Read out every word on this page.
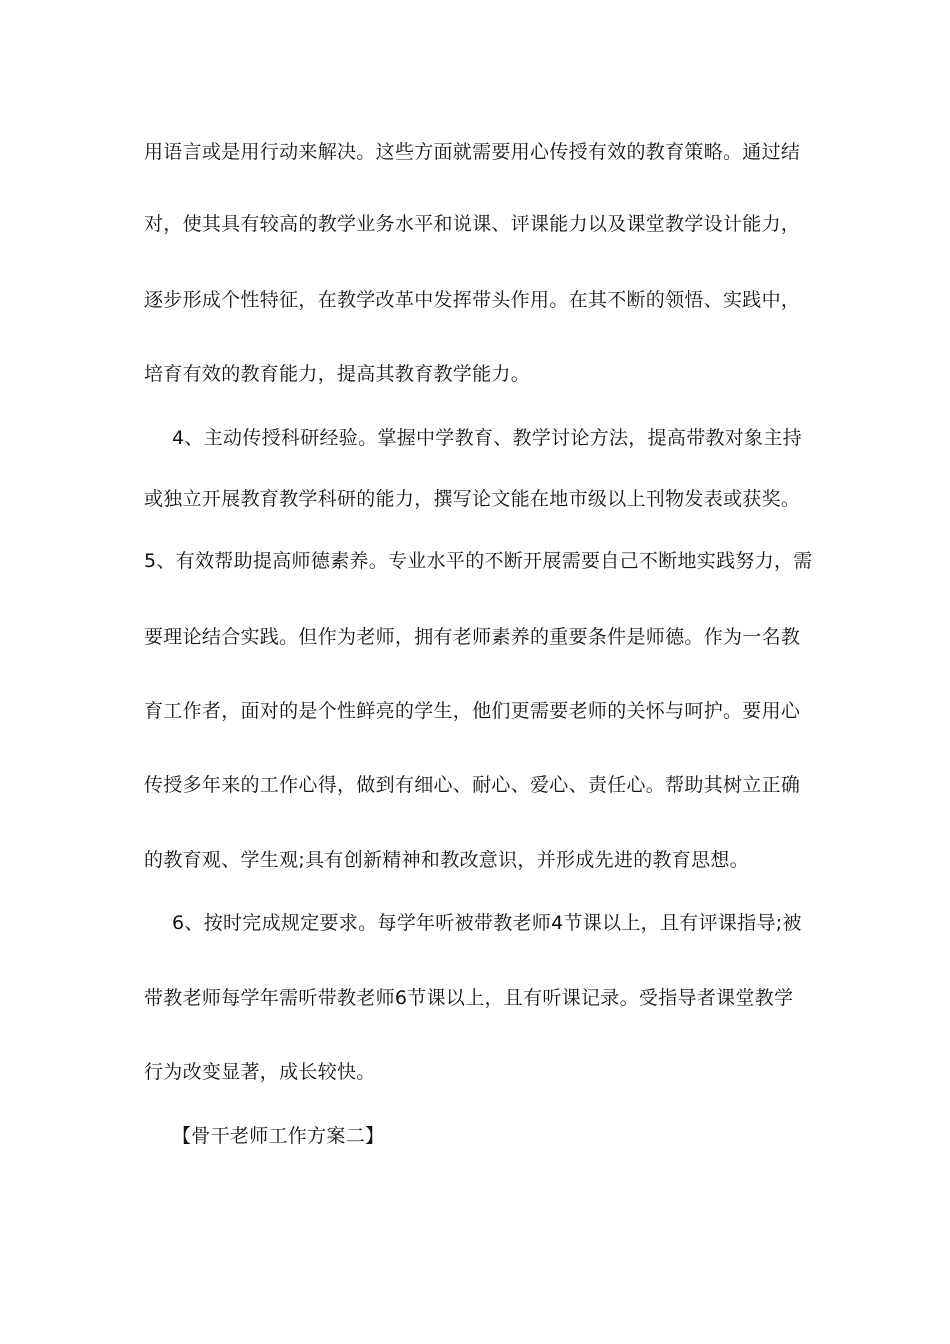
用语言或是用行动来解决。这些方面就需要用心传授有效的教育策略。通过结
对，使其具有较高的教学业务水平和说课、评课能力以及课堂教学设计能力，
逐步形成个性特征，在教学改革中发挥带头作用。在其不断的领悟、实践中，
培育有效的教育能力，提高其教育教学能力。
4、主动传授科研经验。掌握中学教育、教学讨论方法，提高带教对象主持
或独立开展教育教学科研的能力，撰写论文能在地市级以上刊物发表或获奖。
5、有效帮助提高师德素养。专业水平的不断开展需要自己不断地实践努力，需
要理论结合实践。但作为老师，拥有老师素养的重要条件是师德。作为一名教
育工作者，面对的是个性鲜亮的学生，他们更需要老师的关怀与呵护。要用心
传授多年来的工作心得，做到有细心、耐心、爱心、责任心。帮助其树立正确
的教育观、学生观;具有创新精神和教改意识，并形成先进的教育思想。
6、按时完成规定要求。每学年听被带教老师4节课以上，且有评课指导;被
带教老师每学年需听带教老师6节课以上，且有听课记录。受指导者课堂教学
行为改变显著，成长较快。
【骨干老师工作方案二】
